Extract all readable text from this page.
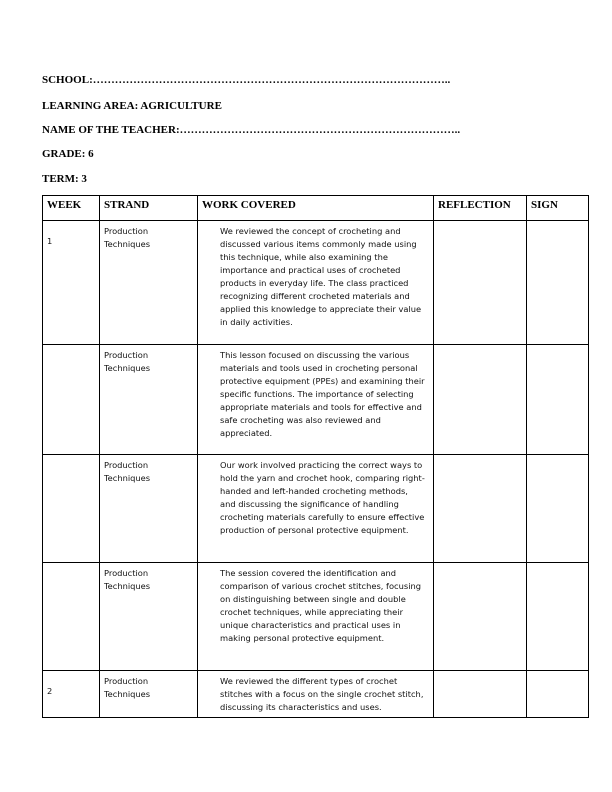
SCHOOL:……………………………………………………………………………………..
LEARNING AREA: AGRICULTURE
NAME OF THE TEACHER:…………………………………………………………………..
GRADE: 6
TERM: 3
WEEK	STRAND	WORK COVERED	REFLECTION	SIGN
1	Production Techniques	We reviewed the concept of crocheting and discussed various items commonly made using this technique, while also examining the importance and practical uses of crocheted products in everyday life. The class practiced recognizing different crocheted materials and applied this knowledge to appreciate their value in daily activities.		
	Production Techniques	This lesson focused on discussing the various materials and tools used in crocheting personal protective equipment (PPEs) and examining their specific functions. The importance of selecting appropriate materials and tools for effective and safe crocheting was also reviewed and appreciated.		
	Production Techniques	Our work involved practicing the correct ways to hold the yarn and crochet hook, comparing right-handed and left-handed crocheting methods, and discussing the significance of handling crocheting materials carefully to ensure effective production of personal protective equipment.		
	Production Techniques	The session covered the identification and comparison of various crochet stitches, focusing on distinguishing between single and double crochet techniques, while appreciating their unique characteristics and practical uses in making personal protective equipment.		
2	Production Techniques	We reviewed the different types of crochet stitches with a focus on the single crochet stitch, discussing its characteristics and uses.		
